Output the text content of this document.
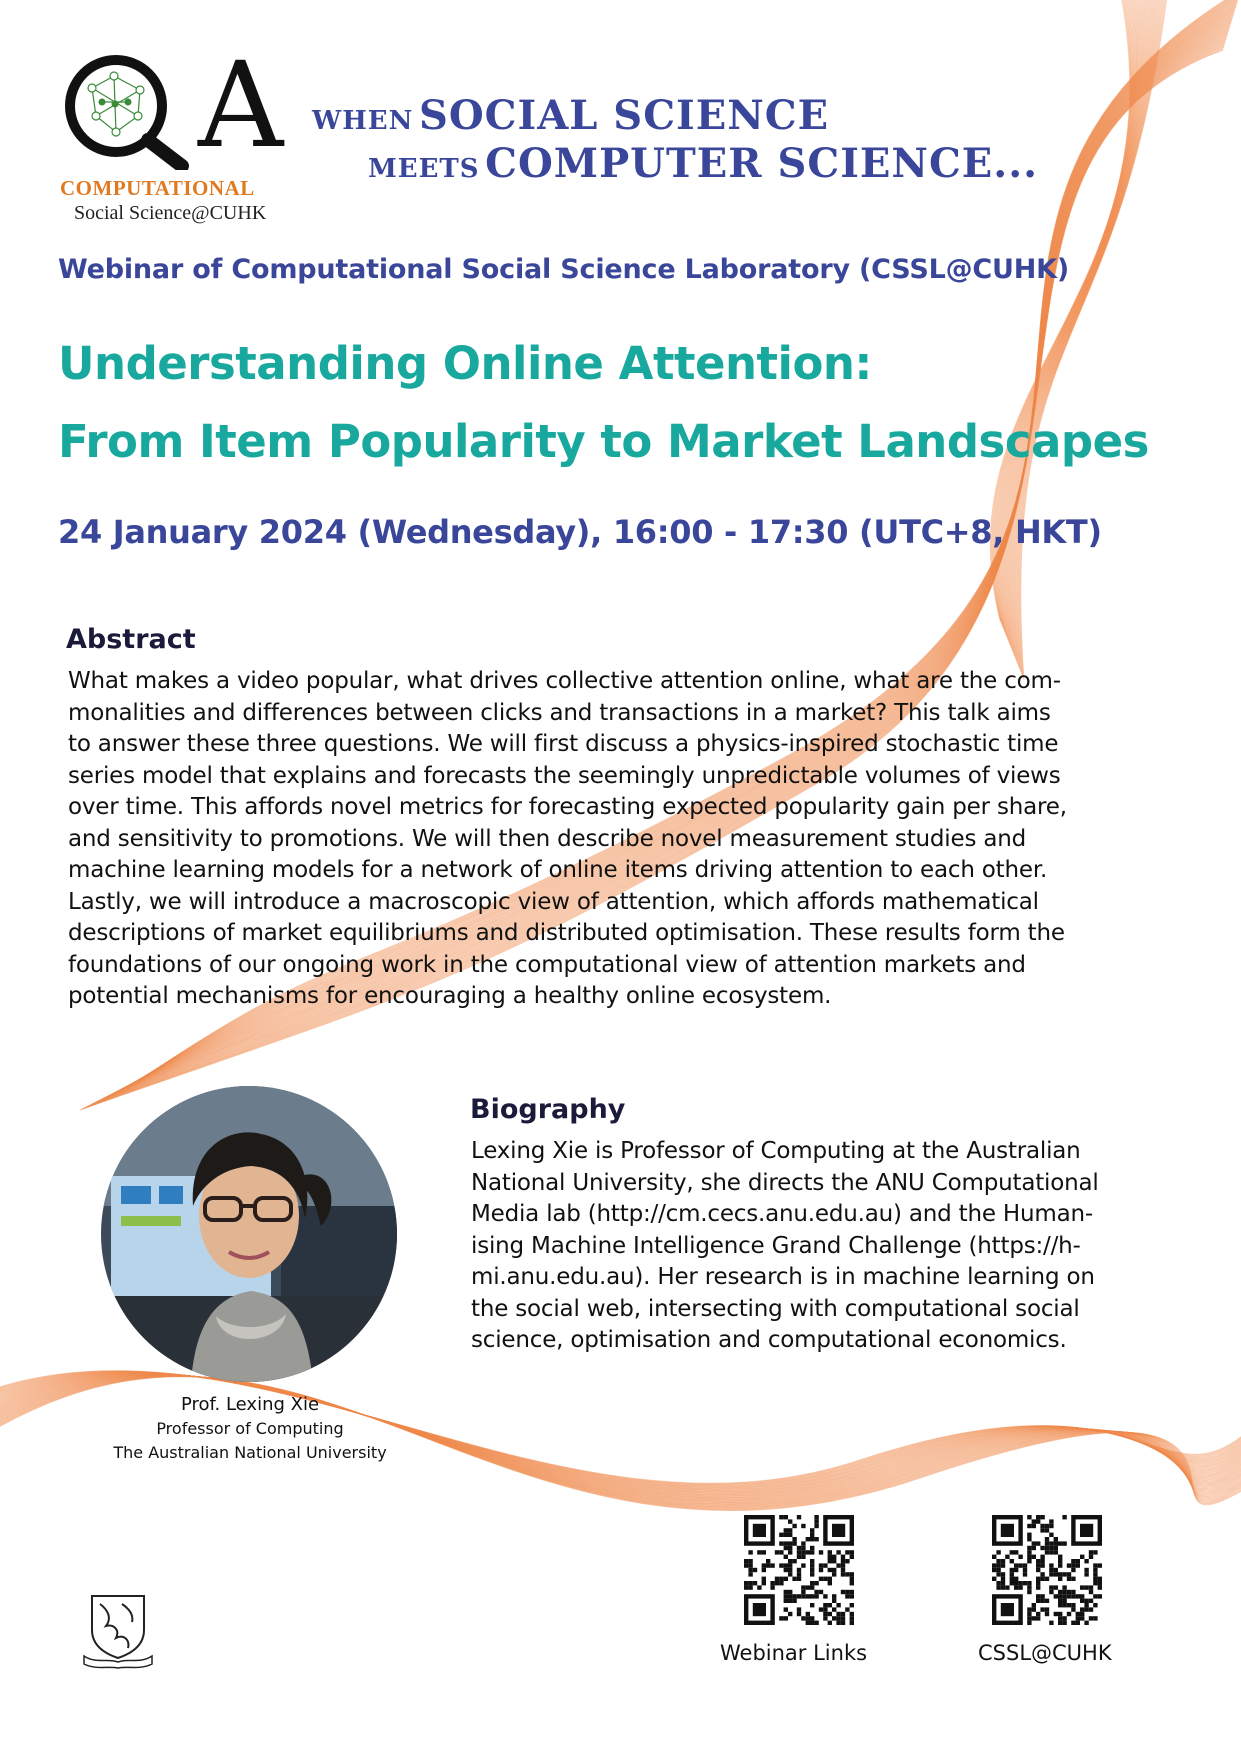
A
COMPUTATIONAL
Social Science@CUHK
WHEN SOCIAL SCIENCE
MEETS COMPUTER SCIENCE...
Webinar of Computational Social Science Laboratory (CSSL@CUHK)
Understanding Online Attention:
From Item Popularity to Market Landscapes
24 January 2024 (Wednesday), 16:00 - 17:30 (UTC+8, HKT)
Abstract

What makes a video popular, what drives collective attention online, what are the com-
monalities and differences between clicks and transactions in a market? This talk aims
to answer these three questions. We will first discuss a physics-inspired stochastic time
series model that explains and forecasts the seemingly unpredictable volumes of views
over time. This affords novel metrics for forecasting expected popularity gain per share,
and sensitivity to promotions. We will then describe novel measurement studies and
machine learning models for a network of online items driving attention to each other.
Lastly, we will introduce a macroscopic view of attention, which affords mathematical
descriptions of market equilibriums and distributed optimisation. These results form the
foundations of our ongoing work in the computational view of attention markets and
potential mechanisms for encouraging a healthy online ecosystem.

Prof. Lexing Xie
Professor of Computing
The Australian National University
Biography

Lexing Xie is Professor of Computing at the Australian
National University, she directs the ANU Computational
Media lab (http://cm.cecs.anu.edu.au) and the Human-
ising Machine Intelligence Grand Challenge (https://h-
mi.anu.edu.au). Her research is in machine learning on
the social web, intersecting with computational social
science, optimisation and computational economics.

Webinar Links	CSSL@CUHK
